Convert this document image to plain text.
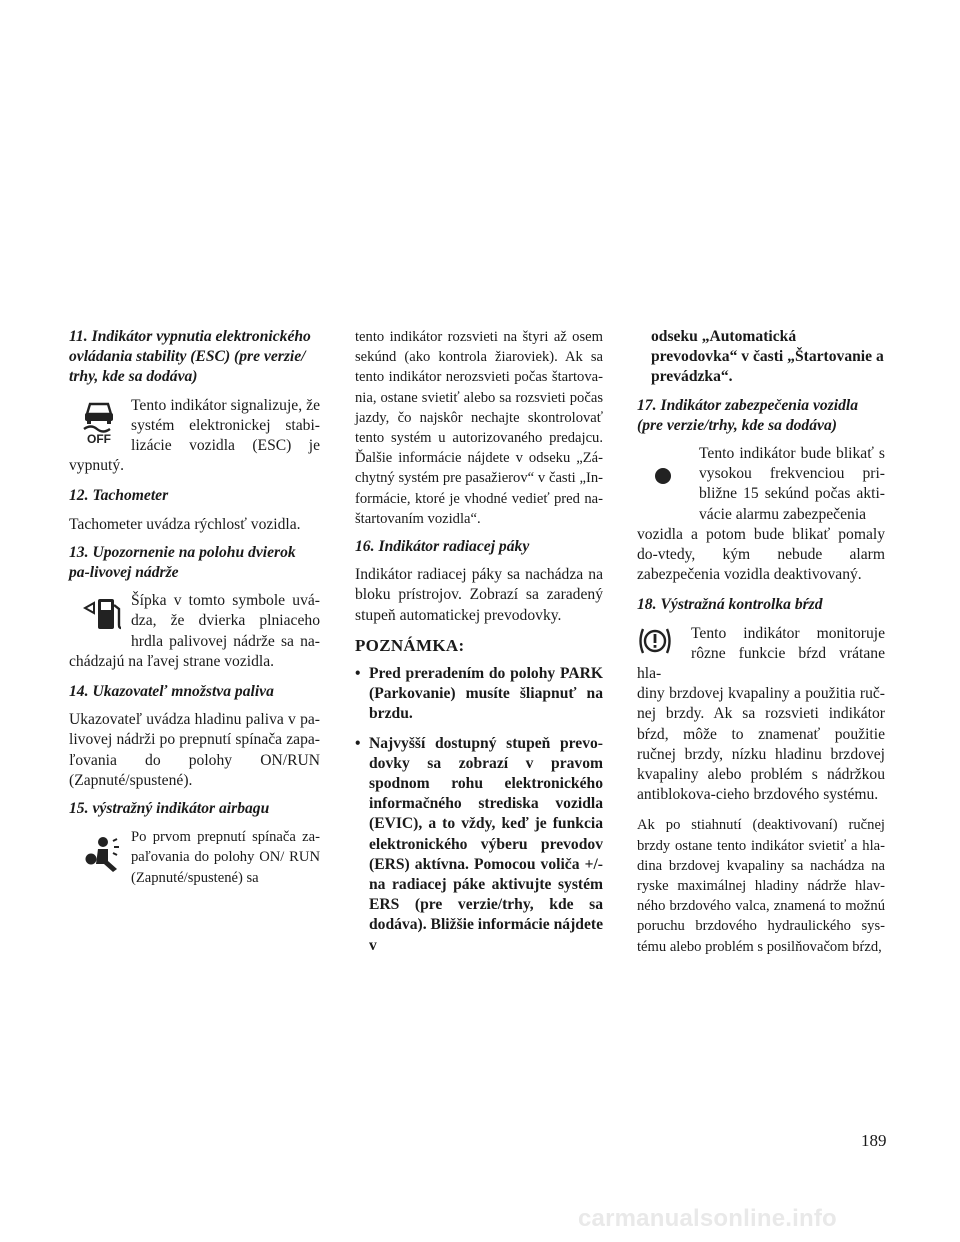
11. Indikátor vypnutia elektronického ovládania stability (ESC) (pre verzie/ trhy, kde sa dodáva)
OFF

Tento indikátor signalizuje, že systém elektronickej stabi-lizácie vozidla (ESC) je vypnutý.

12. Tachometer

Tachometer uvádza rýchlosť vozidla.

13. Upozornenie na polohu dvierok pa-livovej nádrže

Šípka v tomto symbole uvá-dza, že dvierka plniaceho hrdla palivovej nádrže sa na-chádzajú na ľavej strane vozidla.

14. Ukazovateľ množstva paliva

Ukazovateľ uvádza hladinu paliva v pa-livovej nádrži po prepnutí spínača zapa-ľovania do polohy ON/RUN (Zapnuté/spustené).

15. výstražný indikátor airbagu

Po prvom prepnutí spínača za-paľovania do polohy ON/ RUN (Zapnuté/spustené) sa

tento indikátor rozsvieti na štyri až osem sekúnd (ako kontrola žiaroviek). Ak sa tento indikátor nerozsvieti počas štartova-nia, ostane svietiť alebo sa rozsvieti počas jazdy, čo najskôr nechajte skontrolovať tento systém u autorizovaného predajcu. Ďalšie informácie nájdete v odseku „Zá-chytný systém pre pasažierov“ v časti „In-formácie, ktoré je vhodné vedieť pred na-štartovaním vozidla“.

16. Indikátor radiacej páky

Indikátor radiacej páky sa nachádza na bloku prístrojov. Zobrazí sa zaradený stupeň automatickej prevodovky.

POZNÁMKA:
• Pred preradením do polohy PARK (Parkovanie) musíte šliapnuť na brzdu.
• Najvyšší dostupný stupeň prevo-dovky sa zobrazí v pravom spodnom rohu elektronického informačného strediska vozidla (EVIC), a to vždy, keď je funkcia elektronického výberu prevodov (ERS) aktívna. Pomocou voliča +/- na radiacej páke aktivujte systém ERS (pre verzie/trhy, kde sa dodáva). Bližšie informácie nájdete v
odseku „Automatická prevodovka“ v časti „Štartovanie a prevádzka“.
17. Indikátor zabezpečenia vozidla (pre verzie/trhy, kde sa dodáva)

Tento indikátor bude blikať s vysokou frekvenciou pri-bližne 15 sekúnd počas akti-vácie alarmu zabezpečenia

vozidla a potom bude blikať pomaly do-vtedy, kým nebude alarm zabezpečenia vozidla deaktivovaný.

18. Výstražná kontrolka bŕzd

Tento indikátor monitoruje rôzne funkcie bŕzd vrátane hla-

diny brzdovej kvapaliny a použitia ruč-nej brzdy. Ak sa rozsvieti indikátor bŕzd, môže to znamenať použitie ručnej brzdy, nízku hladinu brzdovej kvapaliny alebo problém s nádržkou antiblokova-cieho brzdového systému.

Ak po stiahnutí (deaktivovaní) ručnej brzdy ostane tento indikátor svietiť a hla-dina brzdovej kvapaliny sa nachádza na ryske maximálnej hladiny nádrže hlav-ného brzdového valca, znamená to možnú poruchu brzdového hydraulického sys-tému alebo problém s posilňovačom bŕzd,

189
carmanualsonline.info
